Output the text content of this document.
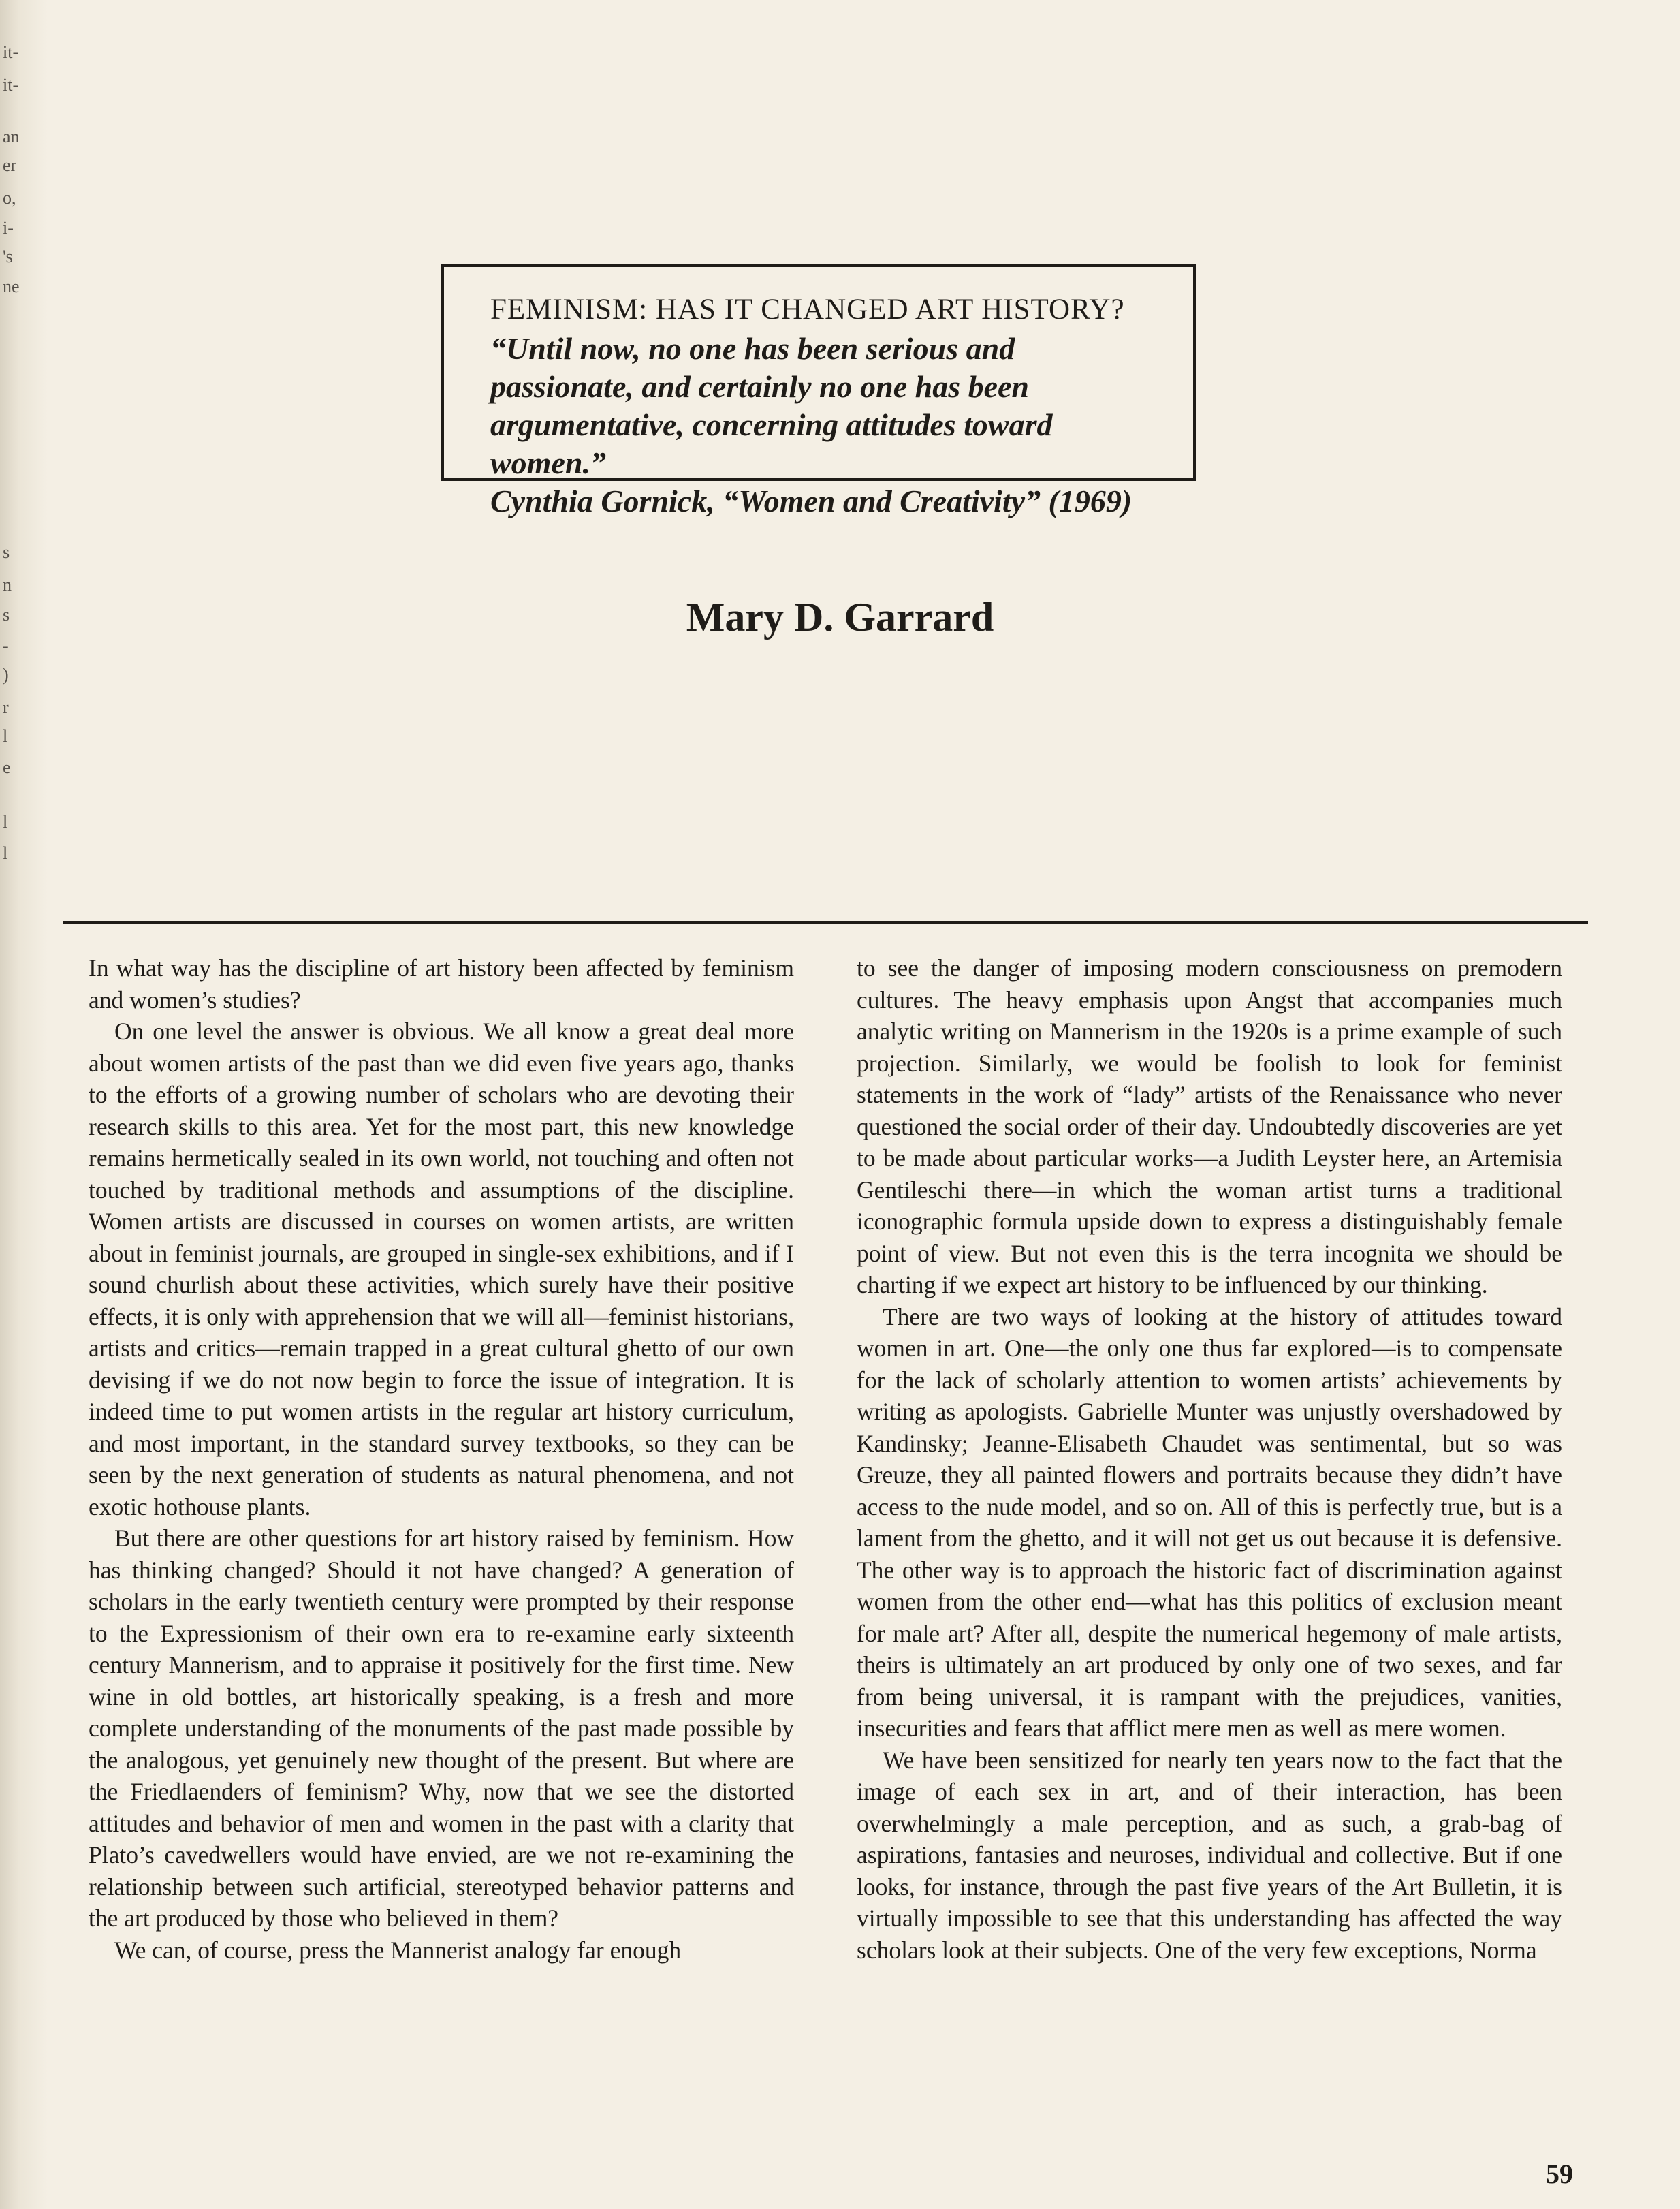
it-
it-
an
er
o,
i-
's
ne
s
n
s
-
)
r
l
e
l
l

FEMINISM: HAS IT CHANGED ART HISTORY?

“Until now, no one has been serious and passionate, and certainly no one has been argumentative, concerning attitudes toward women.”

Cynthia Gornick, “Women and Creativity” (1969)

Mary D. Garrard

In what way has the discipline of art history been affected by feminism and women’s studies?

On one level the answer is obvious. We all know a great deal more about women artists of the past than we did even five years ago, thanks to the efforts of a growing number of scholars who are devoting their research skills to this area. Yet for the most part, this new knowledge remains hermetically sealed in its own world, not touching and often not touched by traditional methods and assumptions of the discipline. Women artists are discussed in courses on women artists, are written about in feminist journals, are grouped in single-sex exhibitions, and if I sound churlish about these activities, which surely have their positive effects, it is only with apprehension that we will all—feminist historians, artists and critics—remain trapped in a great cultural ghetto of our own devising if we do not now begin to force the issue of integration. It is indeed time to put women artists in the regular art history curriculum, and most important, in the standard survey textbooks, so they can be seen by the next generation of students as natural phenomena, and not exotic hothouse plants.

But there are other questions for art history raised by feminism. How has thinking changed? Should it not have changed? A generation of scholars in the early twentieth century were prompted by their response to the Expressionism of their own era to re-examine early sixteenth century Mannerism, and to appraise it positively for the first time. New wine in old bottles, art historically speaking, is a fresh and more complete understanding of the monuments of the past made possible by the analogous, yet genuinely new thought of the present. But where are the Friedlaenders of feminism? Why, now that we see the distorted attitudes and behavior of men and women in the past with a clarity that Plato’s cavedwellers would have envied, are we not re-examining the relationship between such artificial, stereotyped behavior patterns and the art produced by those who believed in them?

We can, of course, press the Mannerist analogy far enough

to see the danger of imposing modern consciousness on premodern cultures. The heavy emphasis upon Angst that accompanies much analytic writing on Mannerism in the 1920s is a prime example of such projection. Similarly, we would be foolish to look for feminist statements in the work of “lady” artists of the Renaissance who never questioned the social order of their day. Undoubtedly discoveries are yet to be made about particular works—a Judith Leyster here, an Artemisia Gentileschi there—in which the woman artist turns a traditional iconographic formula upside down to express a distinguishably female point of view. But not even this is the terra incognita we should be charting if we expect art history to be influenced by our thinking.

There are two ways of looking at the history of attitudes toward women in art. One—the only one thus far explored—is to compensate for the lack of scholarly attention to women artists’ achievements by writing as apologists. Gabrielle Munter was unjustly overshadowed by Kandinsky; Jeanne-Elisabeth Chaudet was sentimental, but so was Greuze, they all painted flowers and portraits because they didn’t have access to the nude model, and so on. All of this is perfectly true, but is a lament from the ghetto, and it will not get us out because it is defensive. The other way is to approach the historic fact of discrimination against women from the other end—what has this politics of exclusion meant for male art? After all, despite the numerical hegemony of male artists, theirs is ultimately an art produced by only one of two sexes, and far from being universal, it is rampant with the prejudices, vanities, insecurities and fears that afflict mere men as well as mere women.

We have been sensitized for nearly ten years now to the fact that the image of each sex in art, and of their interaction, has been overwhelmingly a male perception, and as such, a grab-bag of aspirations, fantasies and neuroses, individual and collective. But if one looks, for instance, through the past five years of the Art Bulletin, it is virtually impossible to see that this understanding has affected the way scholars look at their subjects. One of the very few exceptions, Norma

59
